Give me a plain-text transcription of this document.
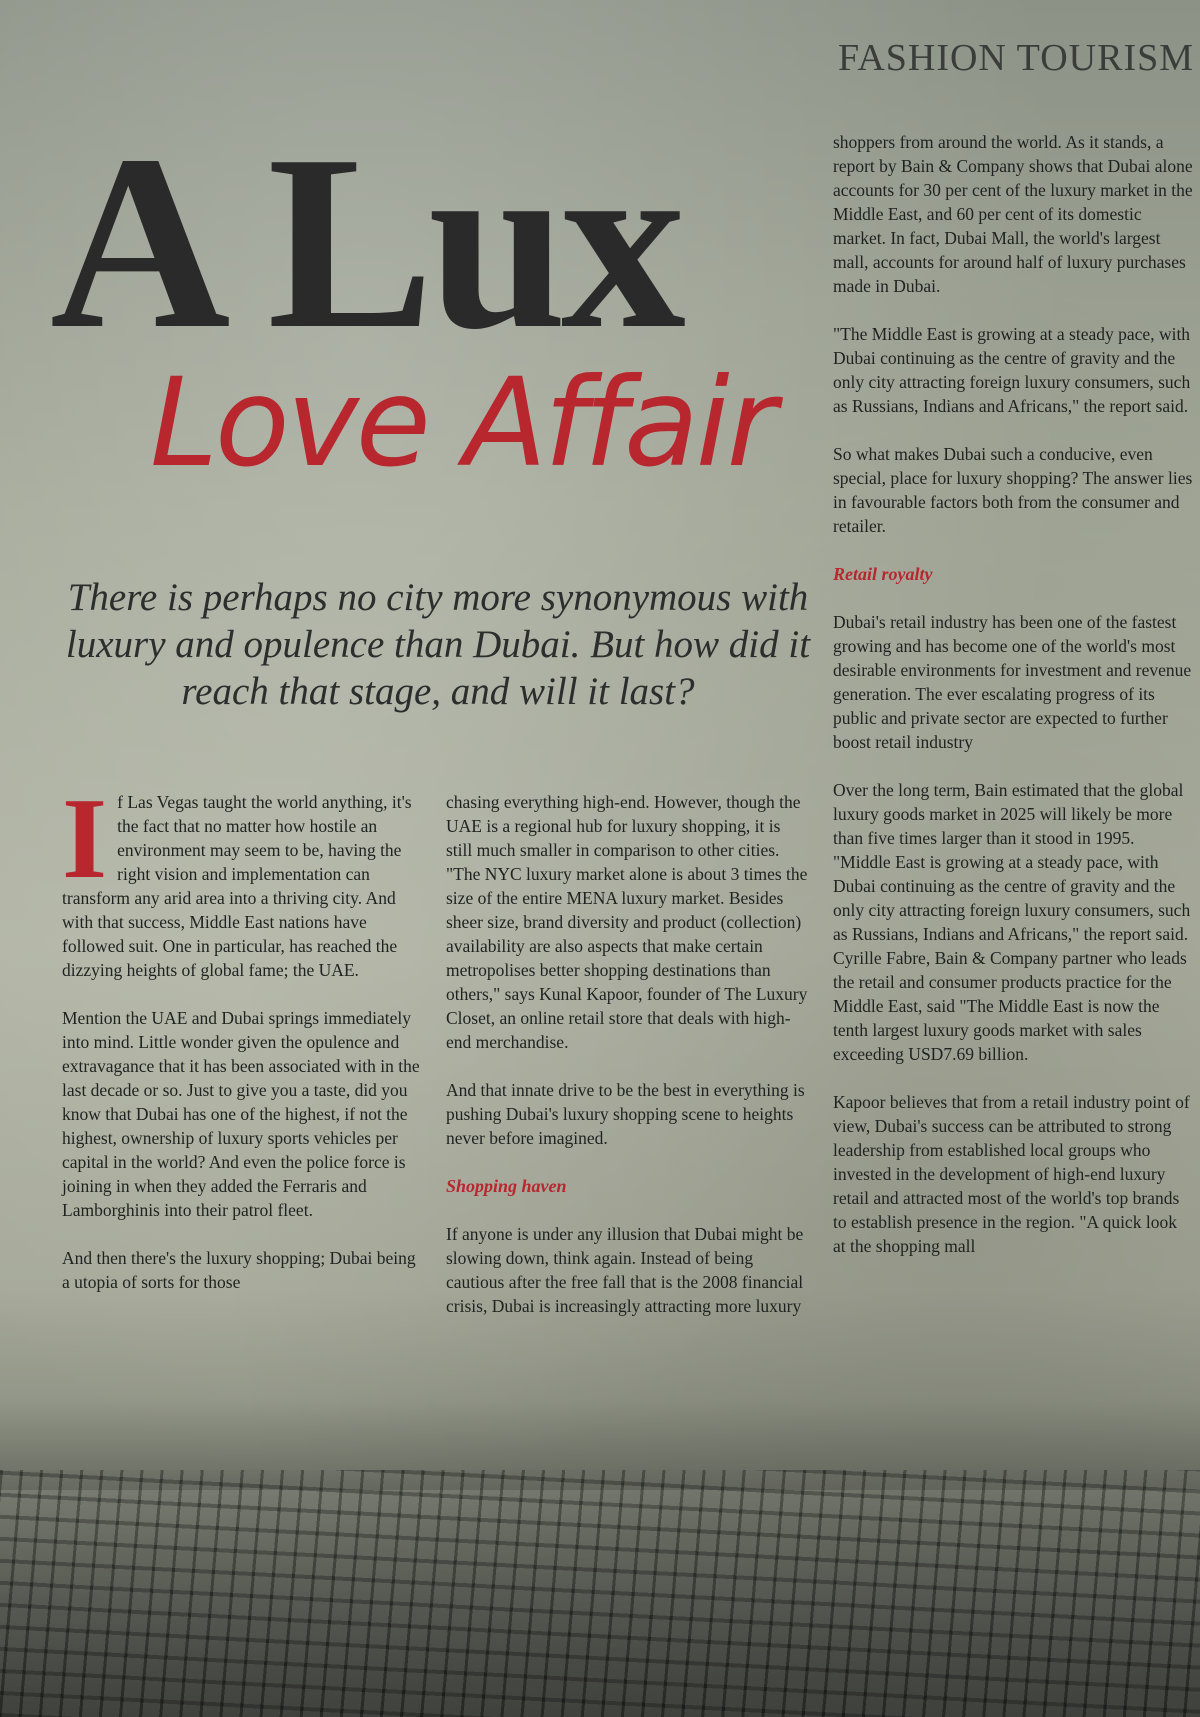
FASHION TOURISM
A Lux
Love Affair
There is perhaps no city more synonymous with luxury and opulence than Dubai. But how did it reach that stage, and will it last?

If Las Vegas taught the world anything, it's the fact that no matter how hostile an environment may seem to be, having the right vision and implementation can transform any arid area into a thriving city. And with that success, Middle East nations have followed suit. One in particular, has reached the dizzying heights of global fame; the UAE.

Mention the UAE and Dubai springs immediately into mind. Little wonder given the opulence and extravagance that it has been associated with in the last decade or so. Just to give you a taste, did you know that Dubai has one of the highest, if not the highest, ownership of luxury sports vehicles per capital in the world? And even the police force is joining in when they added the Ferraris and Lamborghinis into their patrol fleet.

And then there's the luxury shopping; Dubai being a utopia of sorts for those

chasing everything high-end. However, though the UAE is a regional hub for luxury shopping, it is still much smaller in comparison to other cities. "The NYC luxury market alone is about 3 times the size of the entire MENA luxury market. Besides sheer size, brand diversity and product (collection) availability are also aspects that make certain metropolises better shopping destinations than others," says Kunal Kapoor, founder of The Luxury Closet, an online retail store that deals with high-end merchandise.

And that innate drive to be the best in everything is pushing Dubai's luxury shopping scene to heights never before imagined.

Shopping haven

If anyone is under any illusion that Dubai might be slowing down, think again. Instead of being cautious after the free fall that is the 2008 financial crisis, Dubai is increasingly attracting more luxury

shoppers from around the world. As it stands, a report by Bain & Company shows that Dubai alone accounts for 30 per cent of the luxury market in the Middle East, and 60 per cent of its domestic market. In fact, Dubai Mall, the world's largest mall, accounts for around half of luxury purchases made in Dubai.

"The Middle East is growing at a steady pace, with Dubai continuing as the centre of gravity and the only city attracting foreign luxury consumers, such as Russians, Indians and Africans," the report said.

So what makes Dubai such a conducive, even special, place for luxury shopping? The answer lies in favourable factors both from the consumer and retailer.

Retail royalty

Dubai's retail industry has been one of the fastest growing and has become one of the world's most desirable environments for investment and revenue generation. The ever escalating progress of its public and private sector are expected to further boost retail industry

Over the long term, Bain estimated that the global luxury goods market in 2025 will likely be more than five times larger than it stood in 1995. "Middle East is growing at a steady pace, with Dubai continuing as the centre of gravity and the only city attracting foreign luxury consumers, such as Russians, Indians and Africans," the report said. Cyrille Fabre, Bain & Company partner who leads the retail and consumer products practice for the Middle East, said "The Middle East is now the tenth largest luxury goods market with sales exceeding USD7.69 billion.

Kapoor believes that from a retail industry point of view, Dubai's success can be attributed to strong leadership from established local groups who invested in the development of high-end luxury retail and attracted most of the world's top brands to establish presence in the region. "A quick look at the shopping mall
